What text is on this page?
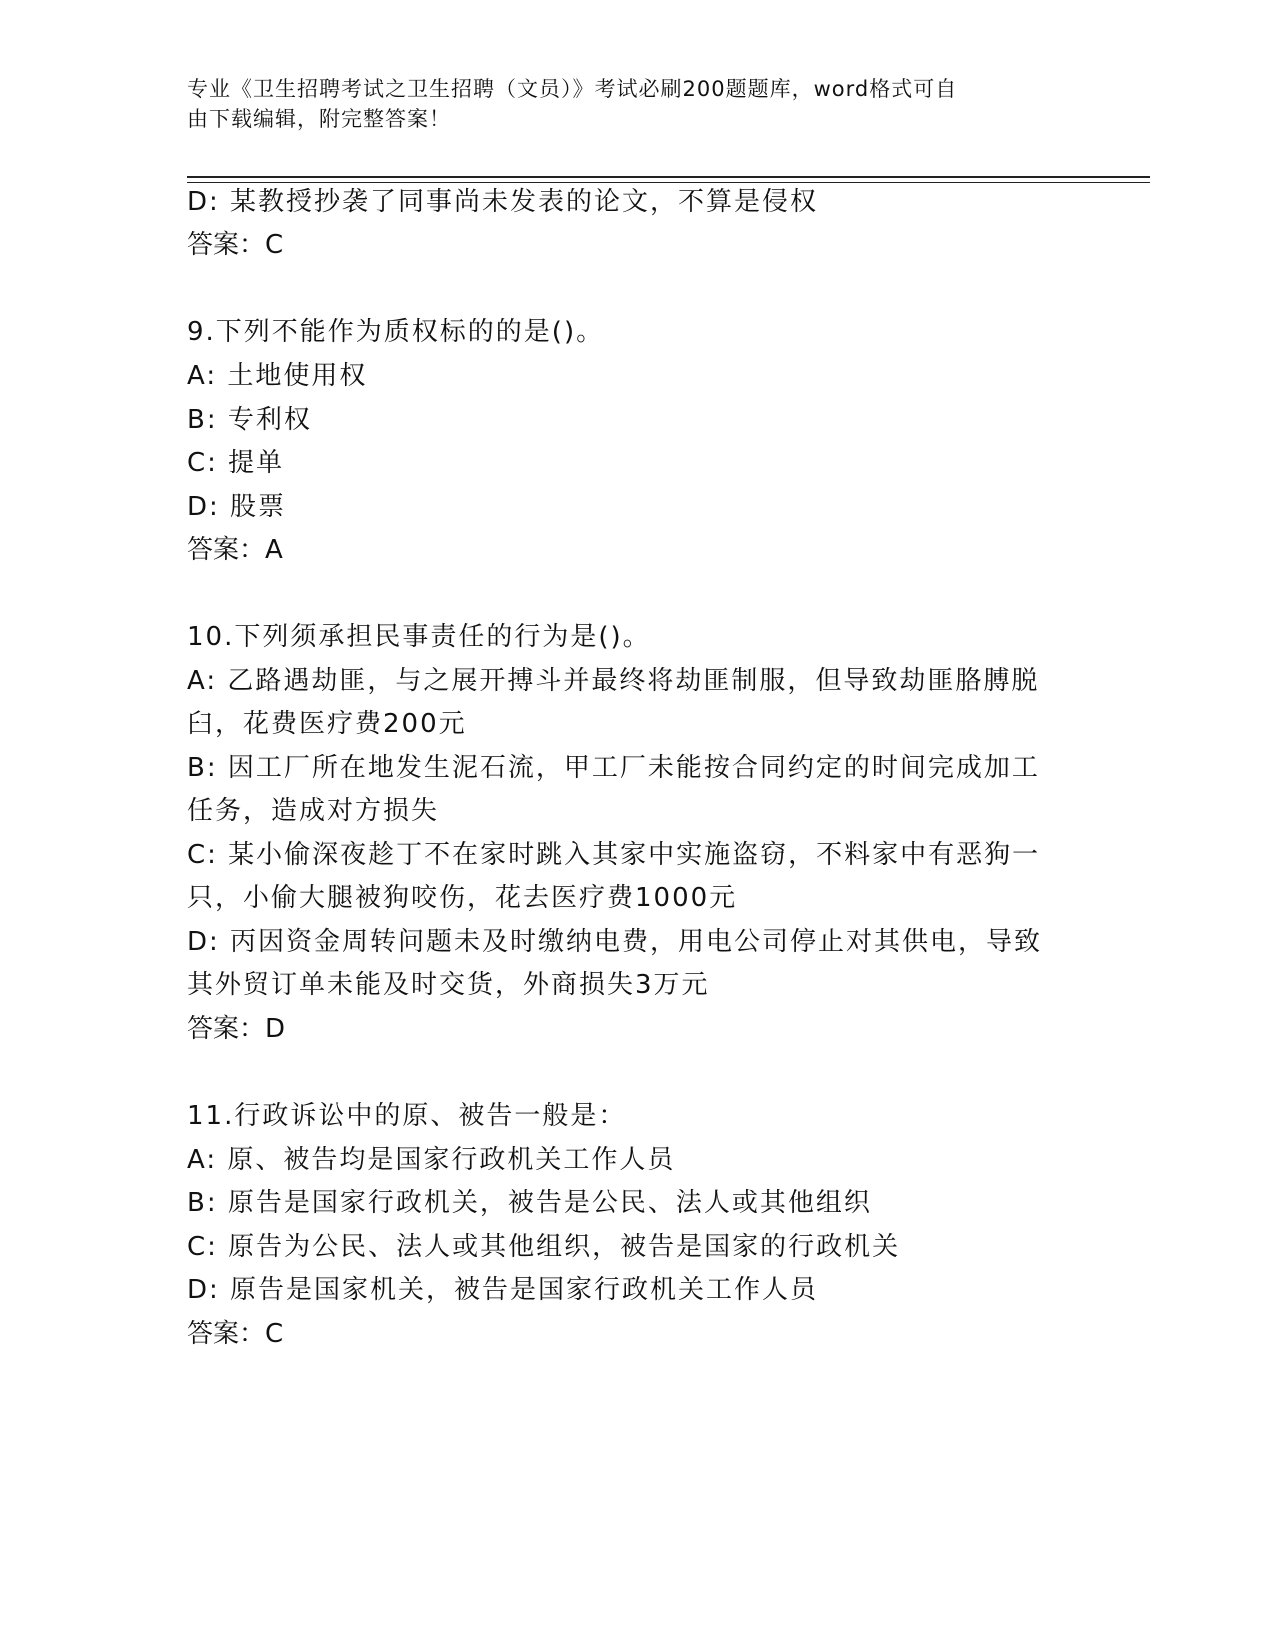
专业《卫生招聘考试之卫生招聘（文员）》考试必刷200题题库，word格式可自
由下载编辑，附完整答案！
D: 某教授抄袭了同事尚未发表的论文，不算是侵权
答案：C
9.下列不能作为质权标的的是()。
A: 土地使用权
B: 专利权
C: 提单
D: 股票
答案：A
10.下列须承担民事责任的行为是()。
A: 乙路遇劫匪，与之展开搏斗并最终将劫匪制服，但导致劫匪胳膊脱
臼，花费医疗费200元
B: 因工厂所在地发生泥石流，甲工厂未能按合同约定的时间完成加工
任务，造成对方损失
C: 某小偷深夜趁丁不在家时跳入其家中实施盗窃，不料家中有恶狗一
只，小偷大腿被狗咬伤，花去医疗费1000元
D: 丙因资金周转问题未及时缴纳电费，用电公司停止对其供电，导致
其外贸订单未能及时交货，外商损失3万元
答案：D
11.行政诉讼中的原、被告一般是：
A: 原、被告均是国家行政机关工作人员
B: 原告是国家行政机关，被告是公民、法人或其他组织
C: 原告为公民、法人或其他组织，被告是国家的行政机关
D: 原告是国家机关，被告是国家行政机关工作人员
答案：C
